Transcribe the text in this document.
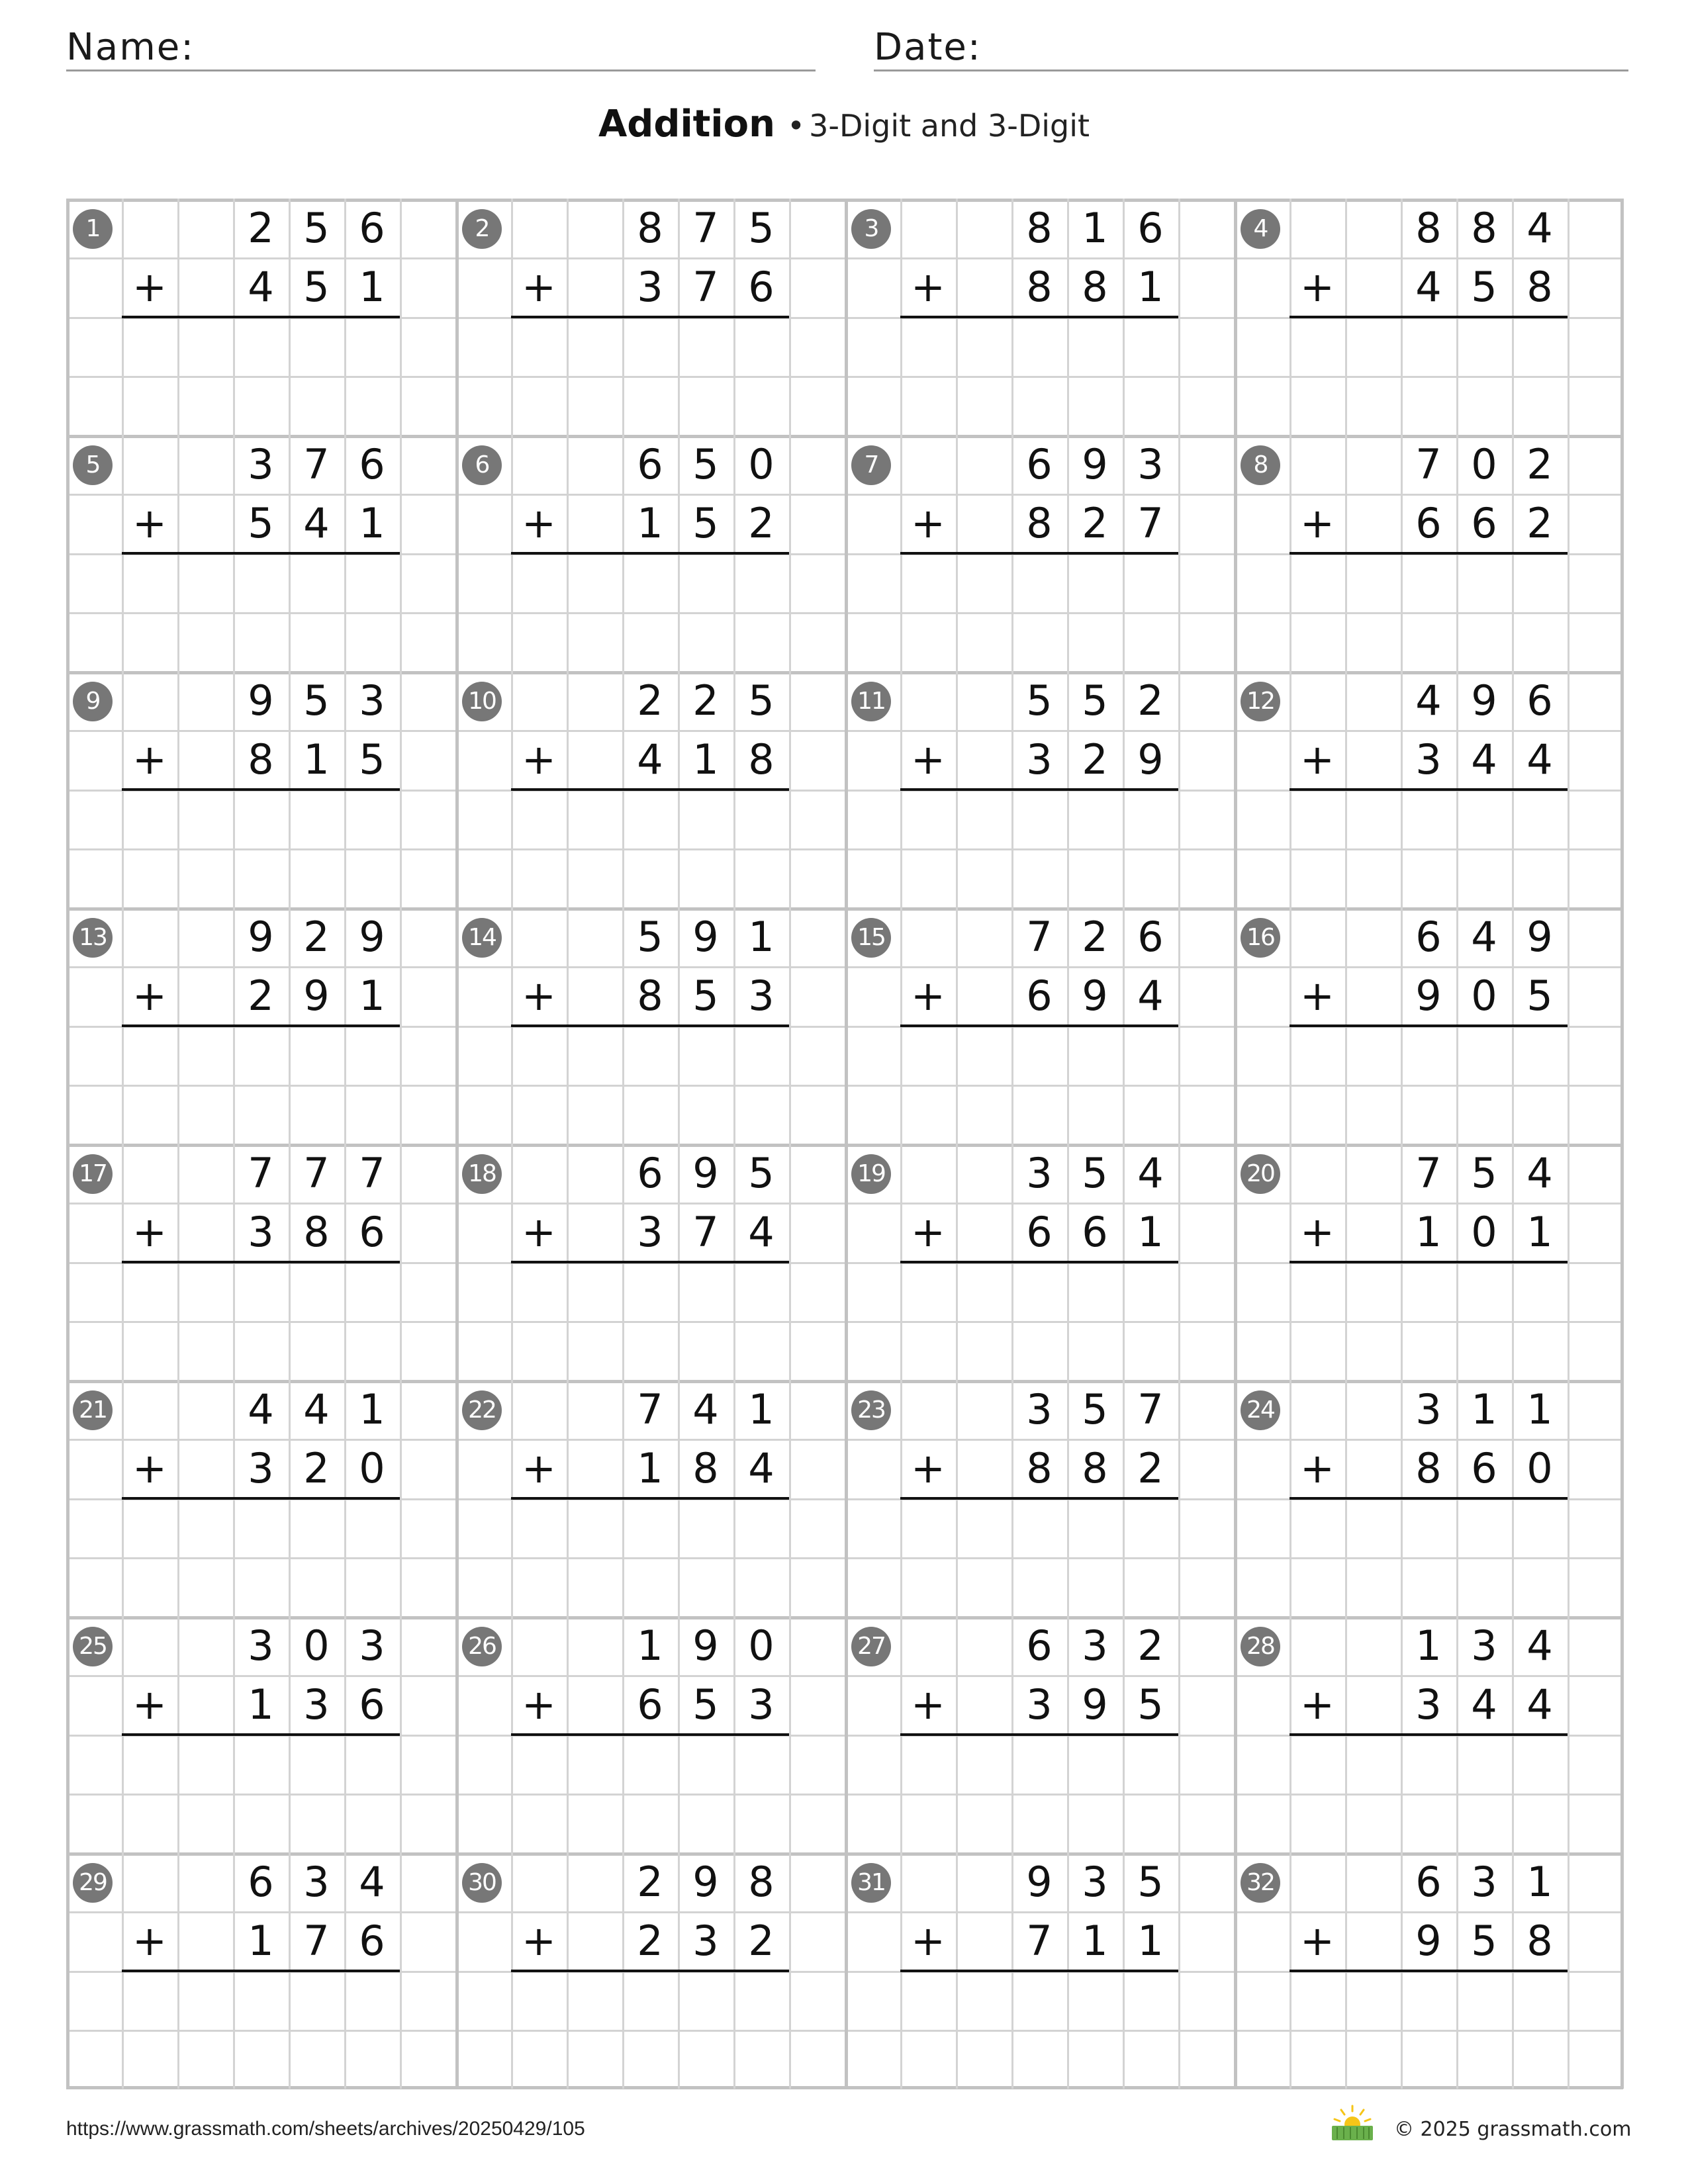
Name:	Date:
Addition • 3-Digit and 3-Digit
1	2 5 6
+	4 5 1
2	8 7 5
+	3 7 6
3	8 1 6
+	8 8 1
4	8 8 4
+	4 5 8
5	3 7 6
+	5 4 1
6	6 5 0
+	1 5 2
7	6 9 3
+	8 2 7
8	7 0 2
+	6 6 2
9	9 5 3
+	8 1 5
10	2 2 5
+	4 1 8
11	5 5 2
+	3 2 9
12	4 9 6
+	3 4 4
13	9 2 9
+	2 9 1
14	5 9 1
+	8 5 3
15	7 2 6
+	6 9 4
16	6 4 9
+	9 0 5
17	7 7 7
+	3 8 6
18	6 9 5
+	3 7 4
19	3 5 4
+	6 6 1
20	7 5 4
+	1 0 1
21	4 4 1
+	3 2 0
22	7 4 1
+	1 8 4
23	3 5 7
+	8 8 2
24	3 1 1
+	8 6 0
25	3 0 3
+	1 3 6
26	1 9 0
+	6 5 3
27	6 3 2
+	3 9 5
28	1 3 4
+	3 4 4
29	6 3 4
+	1 7 6
30	2 9 8
+	2 3 2
31	9 3 5
+	7 1 1
32	6 3 1
+	9 5 8
https://www.grassmath.com/sheets/archives/20250429/105	© 2025 grassmath.com
